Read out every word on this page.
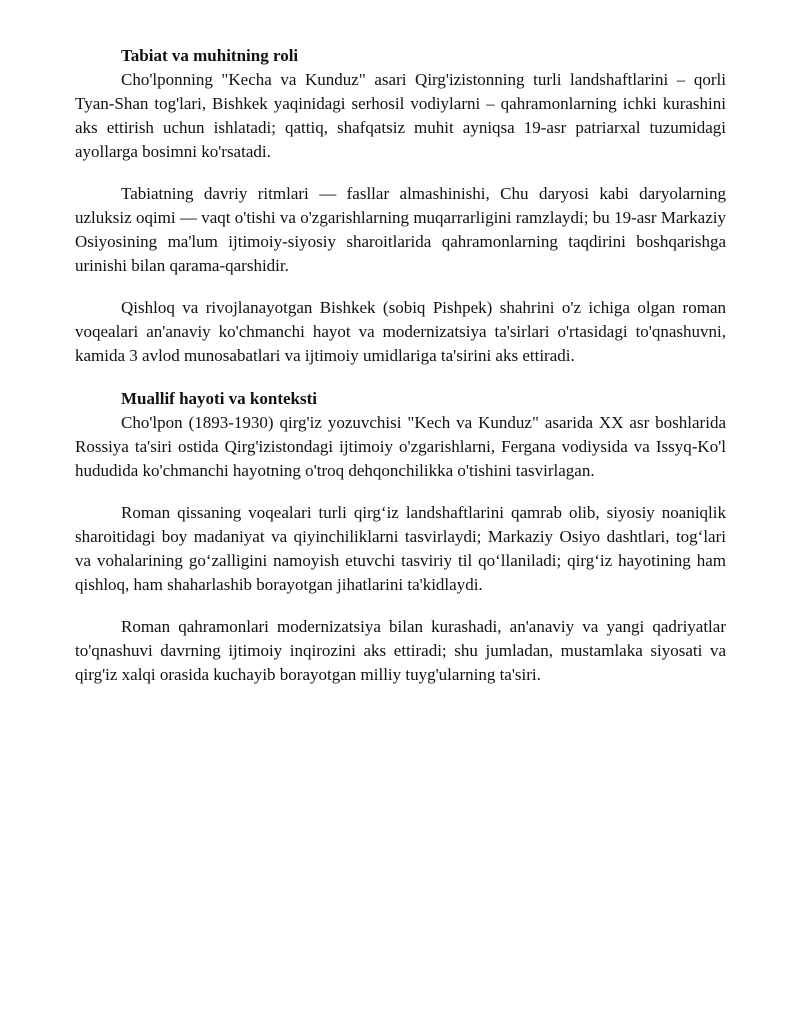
Tabiat va muhitning roli

Cho'lponning "Kecha va Kunduz" asari Qirg'izistonning turli landshaftlarini – qorli Tyan-Shan tog'lari, Bishkek yaqinidagi serhosil vodiylarni – qahramonlarning ichki kurashini aks ettirish uchun ishlatadi; qattiq, shafqatsiz muhit ayniqsa 19-asr patriarxal tuzumidagi ayollarga bosimni ko'rsatadi.

Tabiatning davriy ritmlari — fasllar almashinishi, Chu daryosi kabi daryolarning uzluksiz oqimi — vaqt o'tishi va o'zgarishlarning muqarrarligini ramzlaydi; bu 19-asr Markaziy Osiyosining ma'lum ijtimoiy-siyosiy sharoitlarida qahramonlarning taqdirini boshqarishga urinishi bilan qarama-qarshidir.

Qishloq va rivojlanayotgan Bishkek (sobiq Pishpek) shahrini o'z ichiga olgan roman voqealari an'anaviy ko'chmanchi hayot va modernizatsiya ta'sirlari o'rtasidagi to'qnashuvni, kamida 3 avlod munosabatlari va ijtimoiy umidlariga ta'sirini aks ettiradi.

Muallif hayoti va konteksti

Cho'lpon (1893-1930) qirg'iz yozuvchisi "Kech va Kunduz" asarida XX asr boshlarida Rossiya ta'siri ostida Qirg'izistondagi ijtimoiy o'zgarishlarni, Fergana vodiysida va Issyq-Ko'l hududida ko'chmanchi hayotning o'troq dehqonchilikka o'tishini tasvirlagan.

Roman qissaning voqealari turli qirg‘iz landshaftlarini qamrab olib, siyosiy noaniqlik sharoitidagi boy madaniyat va qiyinchiliklarni tasvirlaydi; Markaziy Osiyo dashtlari, tog‘lari va vohalarining go‘zalligini namoyish etuvchi tasviriy til qo‘llaniladi; qirg‘iz hayotining ham qishloq, ham shaharlashib borayotgan jihatlarini ta'kidlaydi.

Roman qahramonlari modernizatsiya bilan kurashadi, an'anaviy va yangi qadriyatlar to'qnashuvi davrning ijtimoiy inqirozini aks ettiradi; shu jumladan, mustamlaka siyosati va qirg'iz xalqi orasida kuchayib borayotgan milliy tuyg'ularning ta'siri.
